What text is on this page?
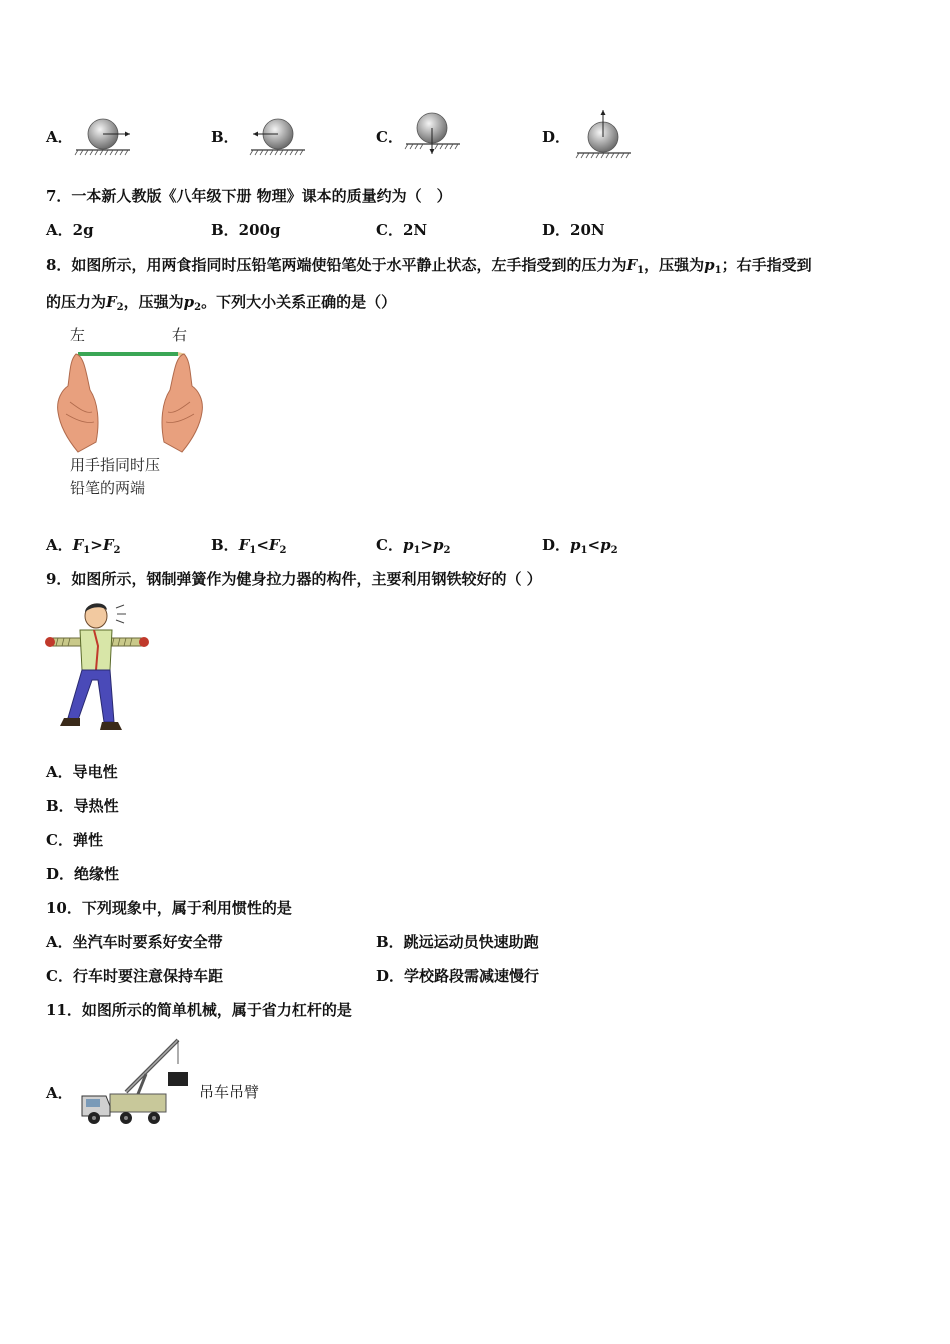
A．	B．	C．	D．
7．一本新人教版《八年级下册 物理》课本的质量约为（　）
A．2g	B．200g	C．2N	D．20N
8．如图所示，用两食指同时压铅笔两端使铅笔处于水平静止状态，左手指受到的压力为$F_1$，压强为$p_1$；右手指受到
的压力为$F_2$，压强为$p_2$。下列大小关系正确的是（）
左	右
用手指同时压
铅笔的两端
A．$F_1>F_2$	B．$F_1<F_2$	C．$p_1>p_2$	D．$p_1<p_2$
9．如图所示，钢制弹簧作为健身拉力器的构件，主要利用钢铁较好的（ ）
A．导电性
B．导热性
C．弹性
D．绝缘性
10．下列现象中，属于利用惯性的是
A．坐汽车时要系好安全带	B．跳远运动员快速助跑
C．行车时要注意保持车距	D．学校路段需减速慢行
11．如图所示的简单机械，属于省力杠杆的是
A．	吊车吊臂
